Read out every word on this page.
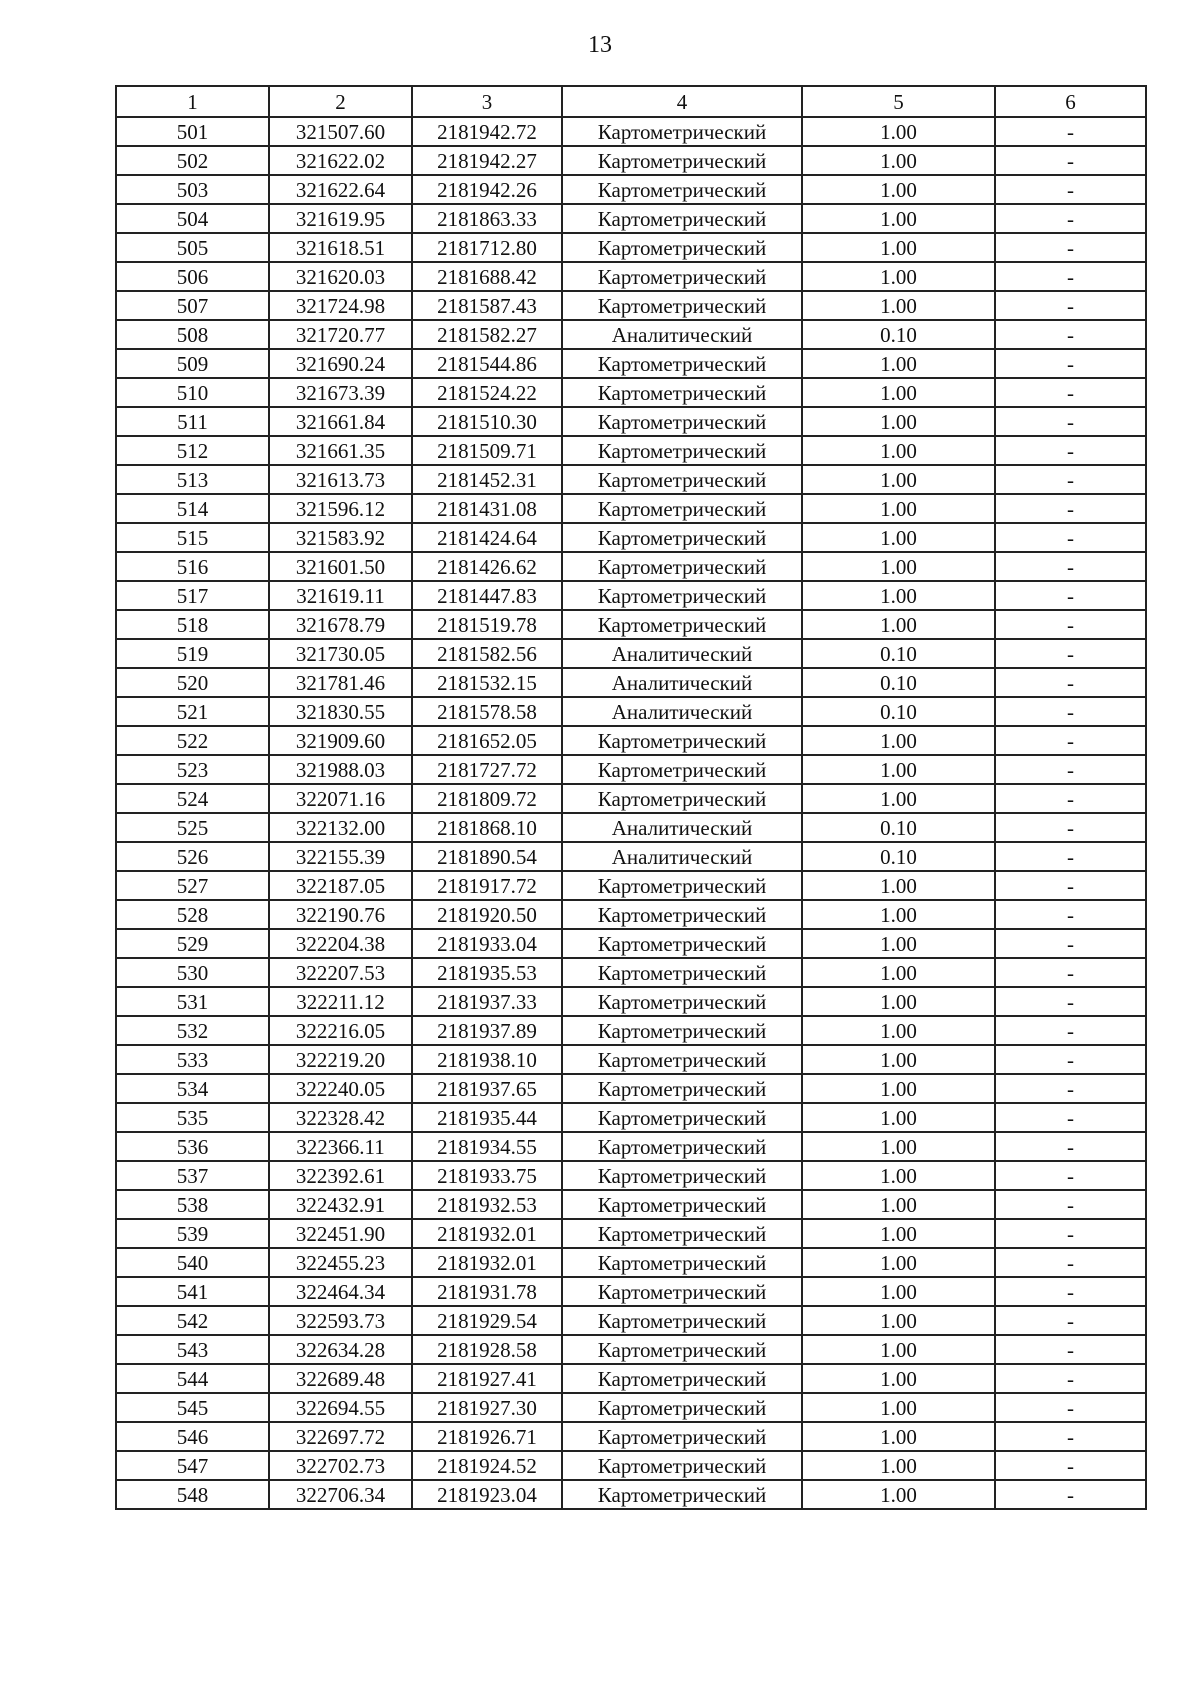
13
1	2	3	4	5	6
501	321507.60	2181942.72	Картометрический	1.00	-
502	321622.02	2181942.27	Картометрический	1.00	-
503	321622.64	2181942.26	Картометрический	1.00	-
504	321619.95	2181863.33	Картометрический	1.00	-
505	321618.51	2181712.80	Картометрический	1.00	-
506	321620.03	2181688.42	Картометрический	1.00	-
507	321724.98	2181587.43	Картометрический	1.00	-
508	321720.77	2181582.27	Аналитический	0.10	-
509	321690.24	2181544.86	Картометрический	1.00	-
510	321673.39	2181524.22	Картометрический	1.00	-
511	321661.84	2181510.30	Картометрический	1.00	-
512	321661.35	2181509.71	Картометрический	1.00	-
513	321613.73	2181452.31	Картометрический	1.00	-
514	321596.12	2181431.08	Картометрический	1.00	-
515	321583.92	2181424.64	Картометрический	1.00	-
516	321601.50	2181426.62	Картометрический	1.00	-
517	321619.11	2181447.83	Картометрический	1.00	-
518	321678.79	2181519.78	Картометрический	1.00	-
519	321730.05	2181582.56	Аналитический	0.10	-
520	321781.46	2181532.15	Аналитический	0.10	-
521	321830.55	2181578.58	Аналитический	0.10	-
522	321909.60	2181652.05	Картометрический	1.00	-
523	321988.03	2181727.72	Картометрический	1.00	-
524	322071.16	2181809.72	Картометрический	1.00	-
525	322132.00	2181868.10	Аналитический	0.10	-
526	322155.39	2181890.54	Аналитический	0.10	-
527	322187.05	2181917.72	Картометрический	1.00	-
528	322190.76	2181920.50	Картометрический	1.00	-
529	322204.38	2181933.04	Картометрический	1.00	-
530	322207.53	2181935.53	Картометрический	1.00	-
531	322211.12	2181937.33	Картометрический	1.00	-
532	322216.05	2181937.89	Картометрический	1.00	-
533	322219.20	2181938.10	Картометрический	1.00	-
534	322240.05	2181937.65	Картометрический	1.00	-
535	322328.42	2181935.44	Картометрический	1.00	-
536	322366.11	2181934.55	Картометрический	1.00	-
537	322392.61	2181933.75	Картометрический	1.00	-
538	322432.91	2181932.53	Картометрический	1.00	-
539	322451.90	2181932.01	Картометрический	1.00	-
540	322455.23	2181932.01	Картометрический	1.00	-
541	322464.34	2181931.78	Картометрический	1.00	-
542	322593.73	2181929.54	Картометрический	1.00	-
543	322634.28	2181928.58	Картометрический	1.00	-
544	322689.48	2181927.41	Картометрический	1.00	-
545	322694.55	2181927.30	Картометрический	1.00	-
546	322697.72	2181926.71	Картометрический	1.00	-
547	322702.73	2181924.52	Картометрический	1.00	-
548	322706.34	2181923.04	Картометрический	1.00	-
